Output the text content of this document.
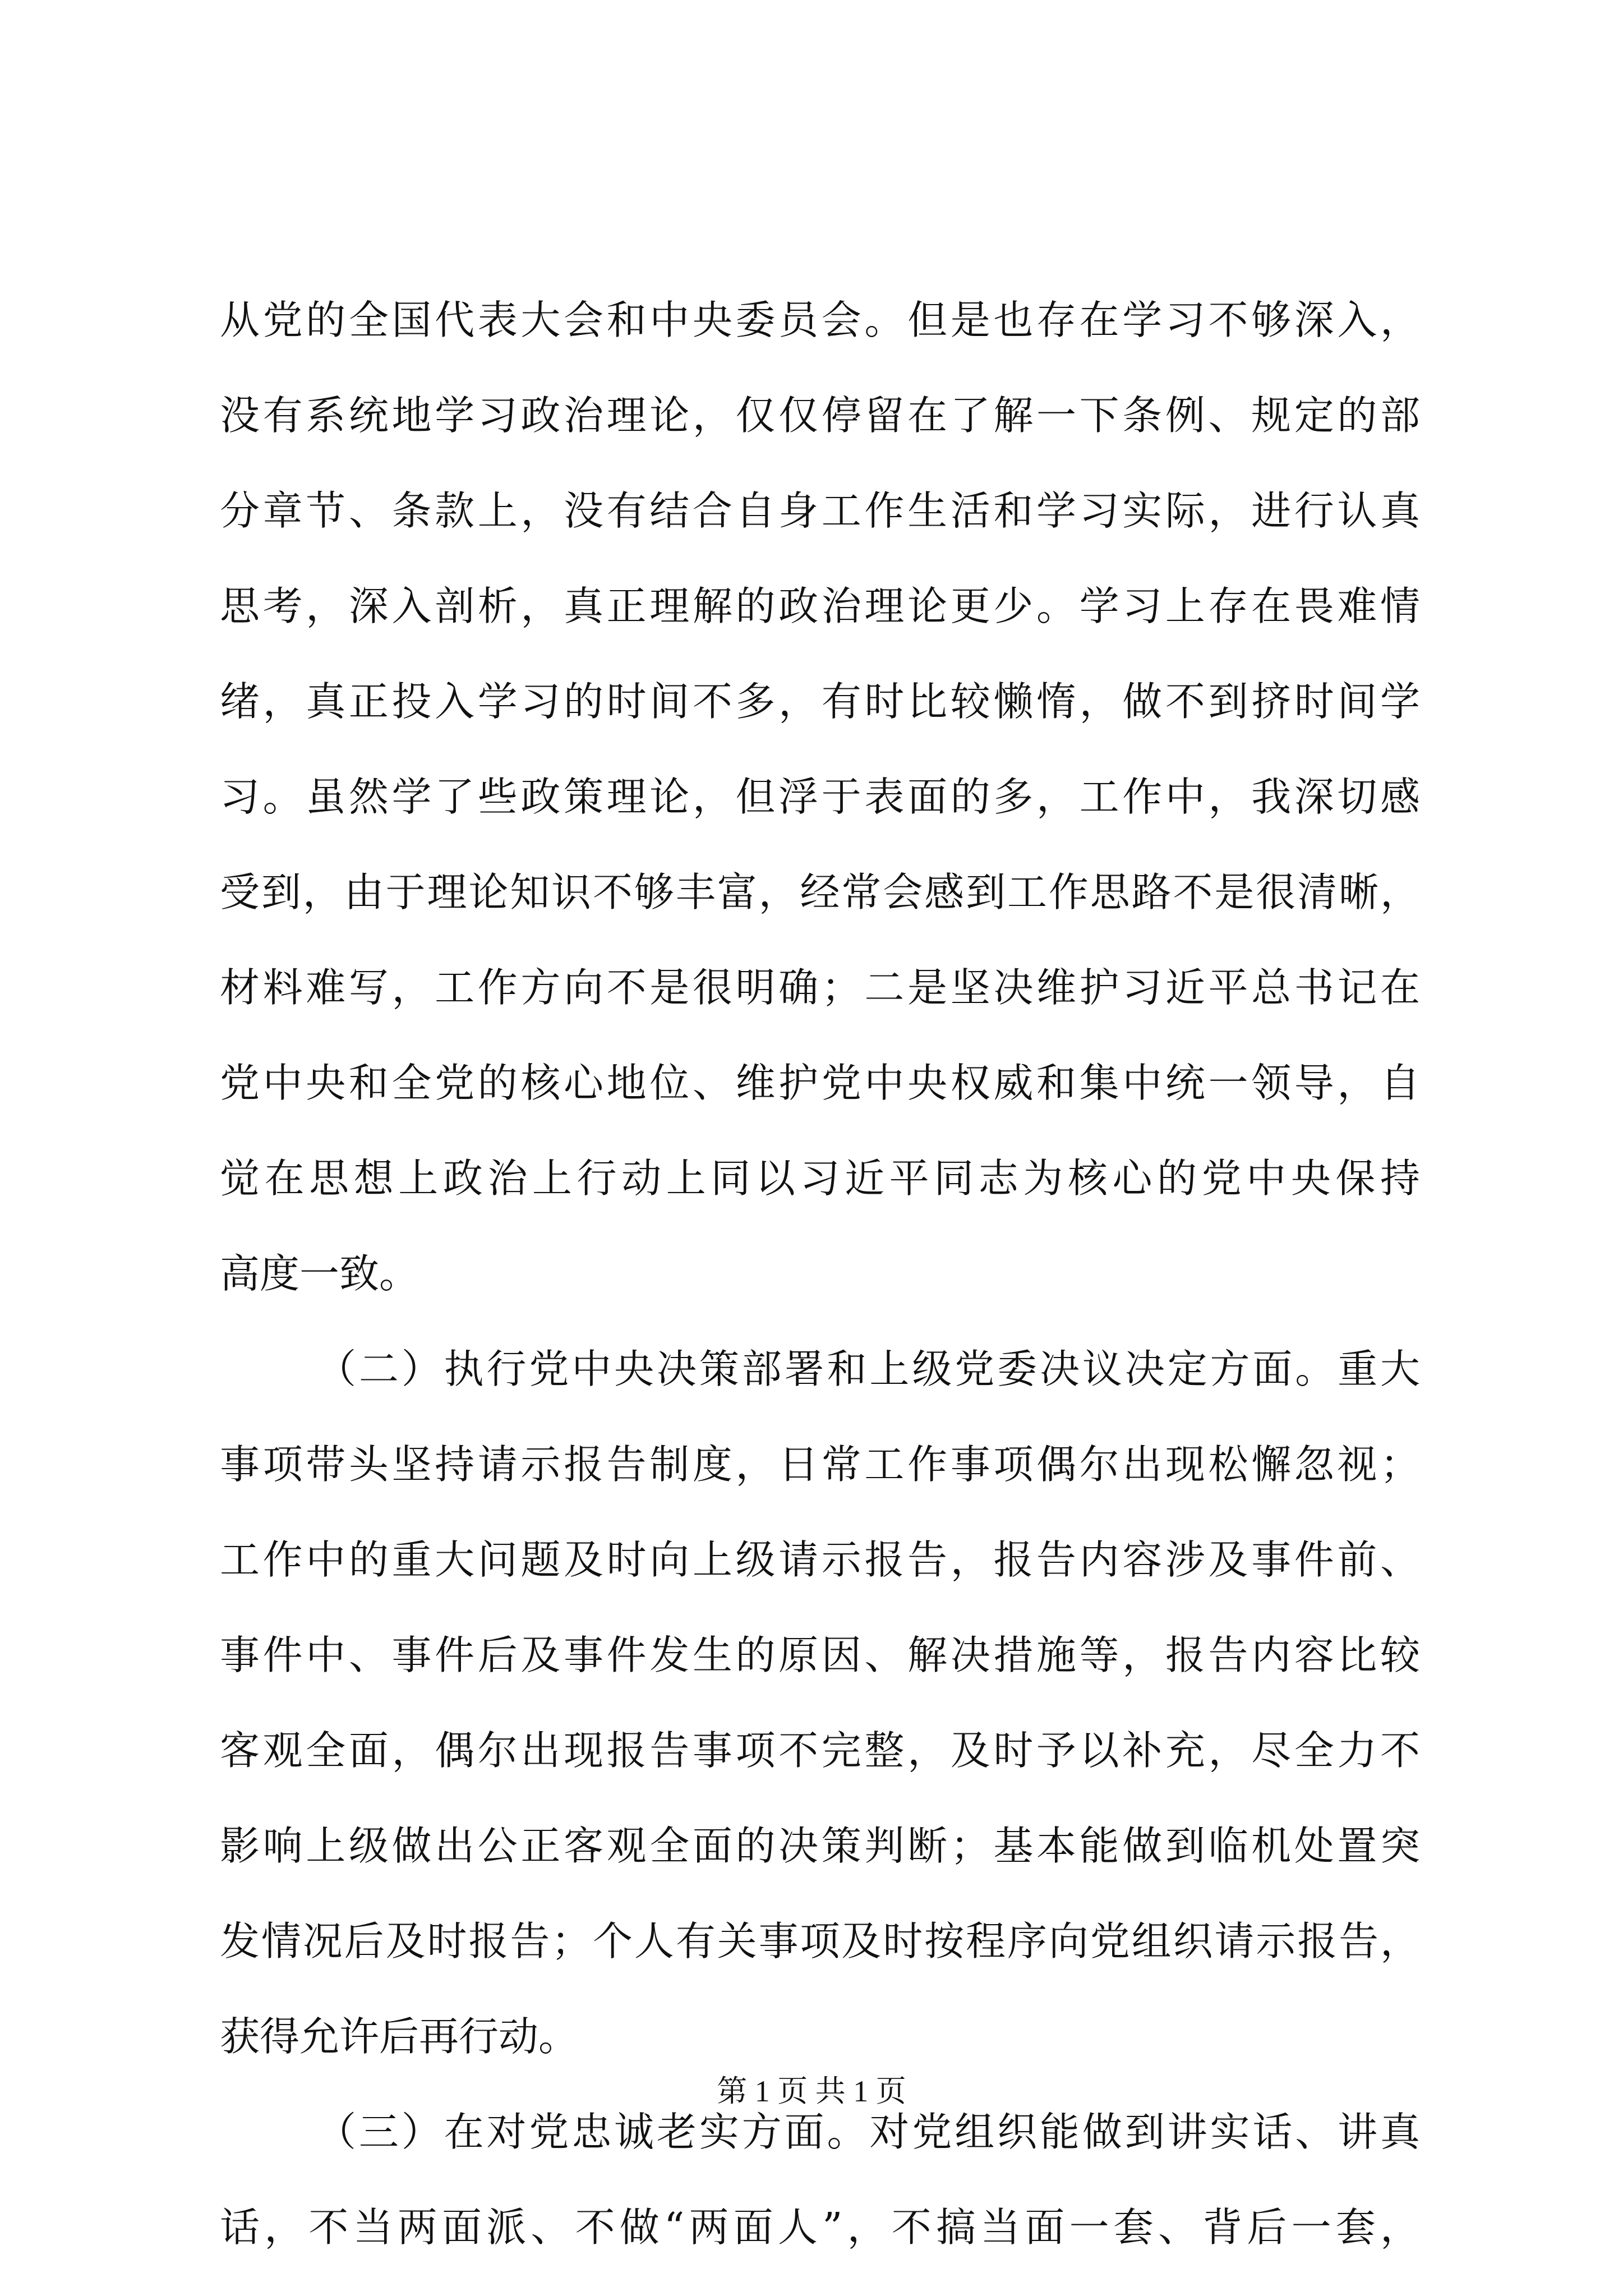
从党的全国代表大会和中央委员会。但是也存在学习不够深入，
没有系统地学习政治理论，仅仅停留在了解一下条例、规定的部
分章节、条款上，没有结合自身工作生活和学习实际，进行认真
思考，深入剖析，真正理解的政治理论更少。学习上存在畏难情
绪，真正投入学习的时间不多，有时比较懒惰，做不到挤时间学
习。虽然学了些政策理论，但浮于表面的多，工作中，我深切感
受到，由于理论知识不够丰富，经常会感到工作思路不是很清晰，
材料难写，工作方向不是很明确；二是坚决维护习近平总书记在
党中央和全党的核心地位、维护党中央权威和集中统一领导，自
觉在思想上政治上行动上同以习近平同志为核心的党中央保持
高度一致。
（二）执行党中央决策部署和上级党委决议决定方面。重大
事项带头坚持请示报告制度，日常工作事项偶尔出现松懈忽视；
工作中的重大问题及时向上级请示报告，报告内容涉及事件前、
事件中、事件后及事件发生的原因、解决措施等，报告内容比较
客观全面，偶尔出现报告事项不完整，及时予以补充，尽全力不
影响上级做出公正客观全面的决策判断；基本能做到临机处置突
发情况后及时报告；个人有关事项及时按程序向党组织请示报告，
获得允许后再行动。
（三）在对党忠诚老实方面。对党组织能做到讲实话、讲真
话，不当两面派、不做“两面人”，不搞当面一套、背后一套，
第 1 页 共 1 页
